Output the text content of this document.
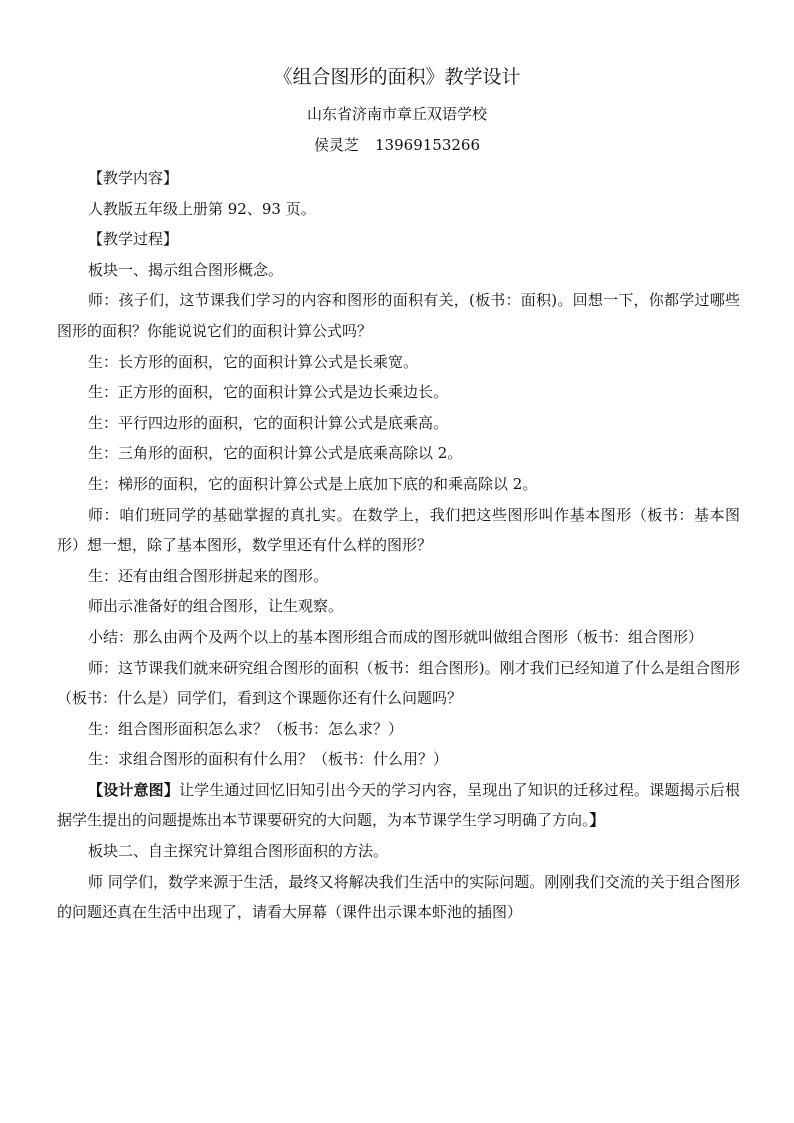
《组合图形的面积》教学设计
山东省济南市章丘双语学校
侯灵芝 13969153266

【教学内容】

人教版五年级上册第 92、93 页。

【教学过程】

板块一、揭示组合图形概念。

师：孩子们，这节课我们学习的内容和图形的面积有关，(板书：面积)。回想一下，你都学过哪些图形的面积？你能说说它们的面积计算公式吗？

生：长方形的面积，它的面积计算公式是长乘宽。

生：正方形的面积，它的面积计算公式是边长乘边长。

生：平行四边形的面积，它的面积计算公式是底乘高。

生：三角形的面积，它的面积计算公式是底乘高除以 2。

生：梯形的面积，它的面积计算公式是上底加下底的和乘高除以 2。

师：咱们班同学的基础掌握的真扎实。在数学上，我们把这些图形叫作基本图形（板书：基本图形）想一想，除了基本图形，数学里还有什么样的图形？

生：还有由组合图形拼起来的图形。

师出示准备好的组合图形，让生观察。

小结：那么由两个及两个以上的基本图形组合而成的图形就叫做组合图形（板书：组合图形）

师：这节课我们就来研究组合图形的面积（板书：组合图形)。刚才我们已经知道了什么是组合图形（板书：什么是）同学们，看到这个课题你还有什么问题吗？

生：组合图形面积怎么求？（板书：怎么求？）

生：求组合图形的面积有什么用？（板书：什么用？）

【设计意图】让学生通过回忆旧知引出今天的学习内容，呈现出了知识的迁移过程。课题揭示后根据学生提出的问题提炼出本节课要研究的大问题，为本节课学生学习明确了方向。】

板块二、自主探究计算组合图形面积的方法。

师 同学们，数学来源于生活，最终又将解决我们生活中的实际问题。刚刚我们交流的关于组合图形的问题还真在生活中出现了，请看大屏幕（课件出示课本虾池的插图）
